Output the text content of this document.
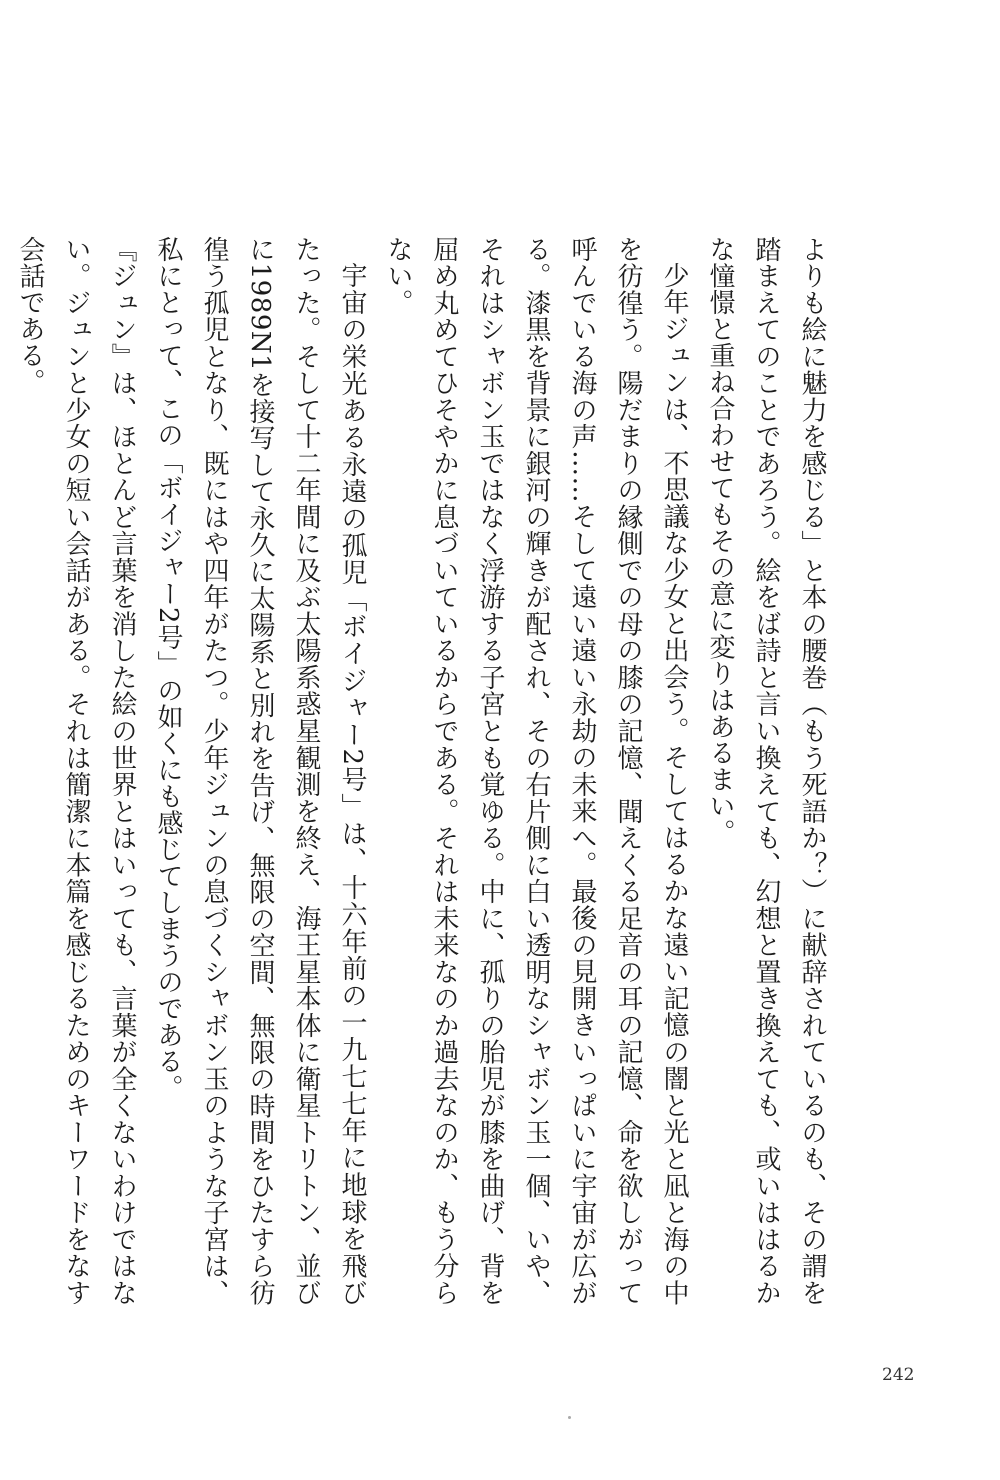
よりも絵に魅力を感じる」と本の腰巻（もう死語か？）に献辞されているのも、その謂を踏まえてのことであろう。絵をば詩と言い換えても、幻想と置き換えても、或いははるかな憧憬と重ね合わせてもその意に変りはあるまい。

少年ジュンは、不思議な少女と出会う。そしてはるかな遠い記憶の闇と光と凪と海の中を彷徨う。陽だまりの縁側での母の膝の記憶、聞えくる足音の耳の記憶、命を欲しがって呼んでいる海の声……そして遠い遠い永劫の未来へ。最後の見開きいっぱいに宇宙が広がる。漆黒を背景に銀河の輝きが配され、その右片側に白い透明なシャボン玉一個、いや、それはシャボン玉ではなく浮游する子宮とも覚ゆる。中に、孤りの胎児が膝を曲げ、背を屈め丸めてひそやかに息づいているからである。それは未来なのか過去なのか、もう分らない。

宇宙の栄光ある永遠の孤児「ボイジャー2号」は、十六年前の一九七七年に地球を飛びたった。そして十二年間に及ぶ太陽系惑星観測を終え、海王星本体に衛星トリトン、並びに1989N1を接写して永久に太陽系と別れを告げ、無限の空間、無限の時間をひたすら彷徨う孤児となり、既にはや四年がたつ。少年ジュンの息づくシャボン玉のような子宮は、私にとって、この「ボイジャー2号」の如くにも感じてしまうのである。

『ジュン』は、ほとんど言葉を消した絵の世界とはいっても、言葉が全くないわけではない。ジュンと少女の短い会話がある。それは簡潔に本篇を感じるためのキーワードをなす会話である。

242
